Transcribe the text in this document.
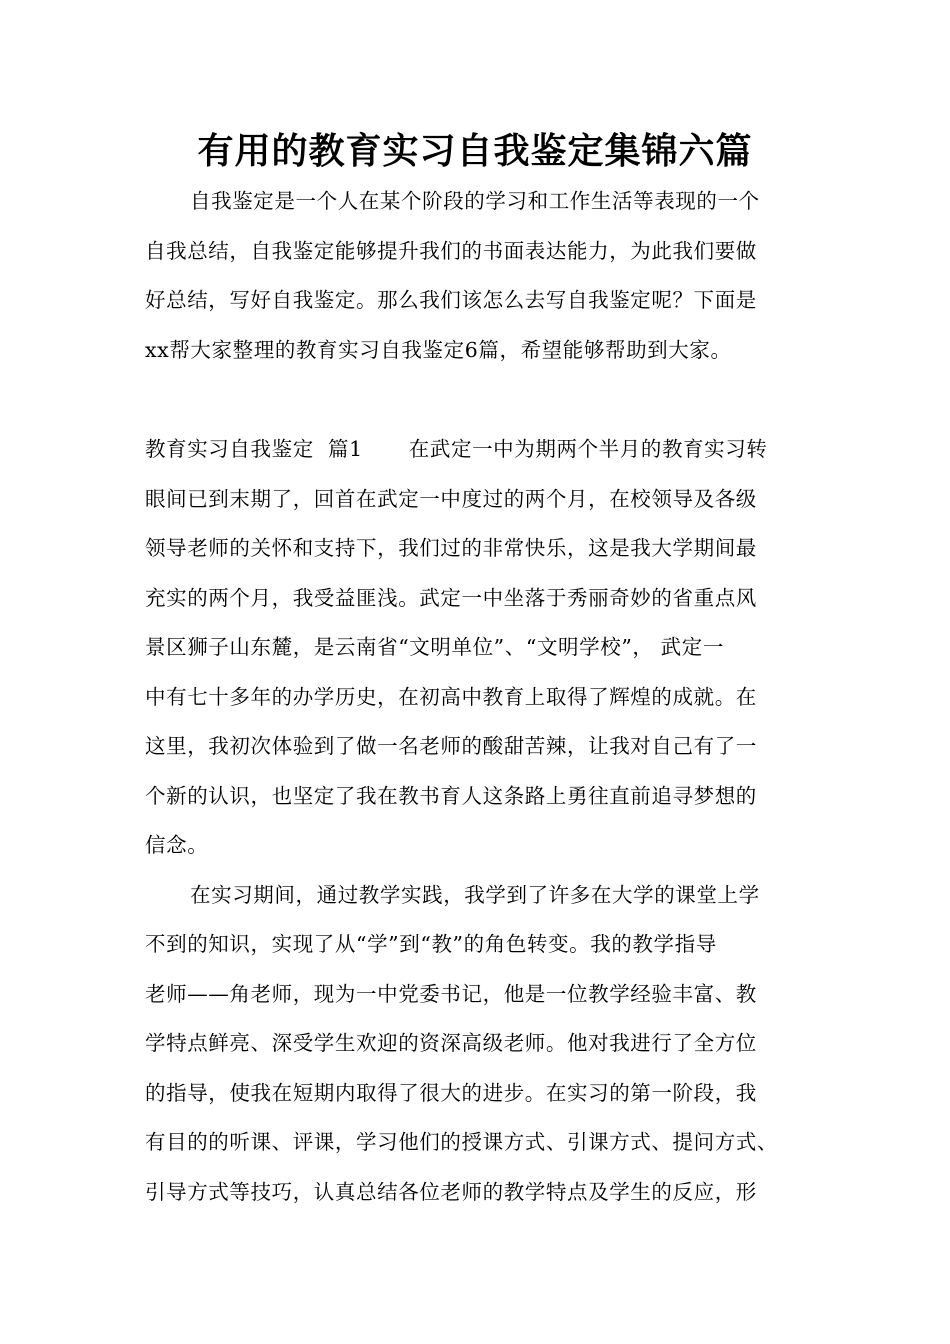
有用的教育实习自我鉴定集锦六篇
自我鉴定是一个人在某个阶段的学习和工作生活等表现的一个
自我总结，自我鉴定能够提升我们的书面表达能力，为此我们要做
好总结，写好自我鉴定。那么我们该怎么去写自我鉴定呢？下面是
xx帮大家整理的教育实习自我鉴定6篇，希望能够帮助到大家。
教育实习自我鉴定  篇1 在武定一中为期两个半月的教育实习转
眼间已到末期了，回首在武定一中度过的两个月，在校领导及各级
领导老师的关怀和支持下，我们过的非常快乐，这是我大学期间最
充实的两个月，我受益匪浅。武定一中坐落于秀丽奇妙的省重点风
景区狮子山东麓，是云南省“文明单位”、“文明学校”， 武定一
中有七十多年的办学历史，在初高中教育上取得了辉煌的成就。在
这里，我初次体验到了做一名老师的酸甜苦辣，让我对自己有了一
个新的认识，也坚定了我在教书育人这条路上勇往直前追寻梦想的
信念。
在实习期间，通过教学实践，我学到了许多在大学的课堂上学
不到的知识，实现了从“学”到“教”的角色转变。我的教学指导
老师——角老师，现为一中党委书记，他是一位教学经验丰富、教
学特点鲜亮、深受学生欢迎的资深高级老师。他对我进行了全方位
的指导，使我在短期内取得了很大的进步。在实习的第一阶段，我
有目的的听课、评课，学习他们的授课方式、引课方式、提问方式、
引导方式等技巧，认真总结各位老师的教学特点及学生的反应，形
